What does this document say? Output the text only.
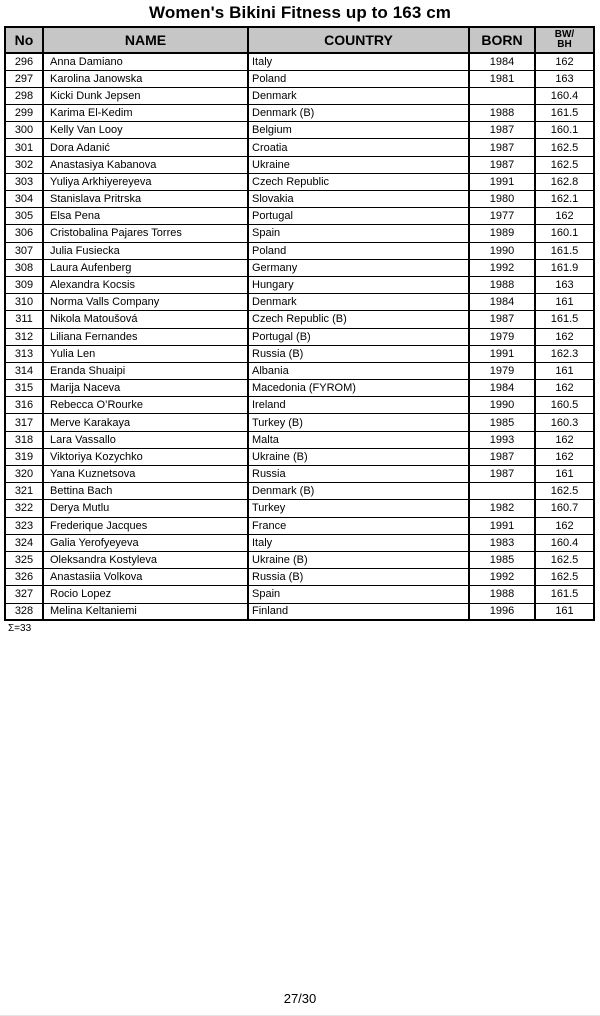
Women's Bikini Fitness up to 163 cm
No	NAME	COUNTRY	BORN	BW/
BH

296	Anna Damiano	Italy	1984	162
297	Karolina Janowska	Poland	1981	163
298	Kicki Dunk Jepsen	Denmark		160.4
299	Karima El-Kedim	Denmark (B)	1988	161.5
300	Kelly Van Looy	Belgium	1987	160.1
301	Dora Adanić	Croatia	1987	162.5
302	Anastasiya Kabanova	Ukraine	1987	162.5
303	Yuliya Arkhiyereyeva	Czech Republic	1991	162.8
304	Stanislava Pritrska	Slovakia	1980	162.1
305	Elsa Pena	Portugal	1977	162
306	Cristobalina Pajares Torres	Spain	1989	160.1
307	Julia Fusiecka	Poland	1990	161.5
308	Laura Aufenberg	Germany	1992	161.9
309	Alexandra Kocsis	Hungary	1988	163
310	Norma Valls Company	Denmark	1984	161
311	Nikola Matoušová	Czech Republic (B)	1987	161.5
312	Liliana Fernandes	Portugal (B)	1979	162
313	Yulia Len	Russia (B)	1991	162.3
314	Eranda Shuaipi	Albania	1979	161
315	Marija Naceva	Macedonia (FYROM)	1984	162
316	Rebecca O’Rourke	Ireland	1990	160.5
317	Merve Karakaya	Turkey (B)	1985	160.3
318	Lara Vassallo	Malta	1993	162
319	Viktoriya Kozychko	Ukraine (B)	1987	162
320	Yana Kuznetsova	Russia	1987	161
321	Bettina Bach	Denmark (B)		162.5
322	Derya Mutlu	Turkey	1982	160.7
323	Frederique Jacques	France	1991	162
324	Galia Yerofyeyeva	Italy	1983	160.4
325	Oleksandra Kostyleva	Ukraine (B)	1985	162.5
326	Anastasiia Volkova	Russia (B)	1992	162.5
327	Rocio Lopez	Spain	1988	161.5
328	Melina Keltaniemi	Finland	1996	161
Σ=33
27/30
